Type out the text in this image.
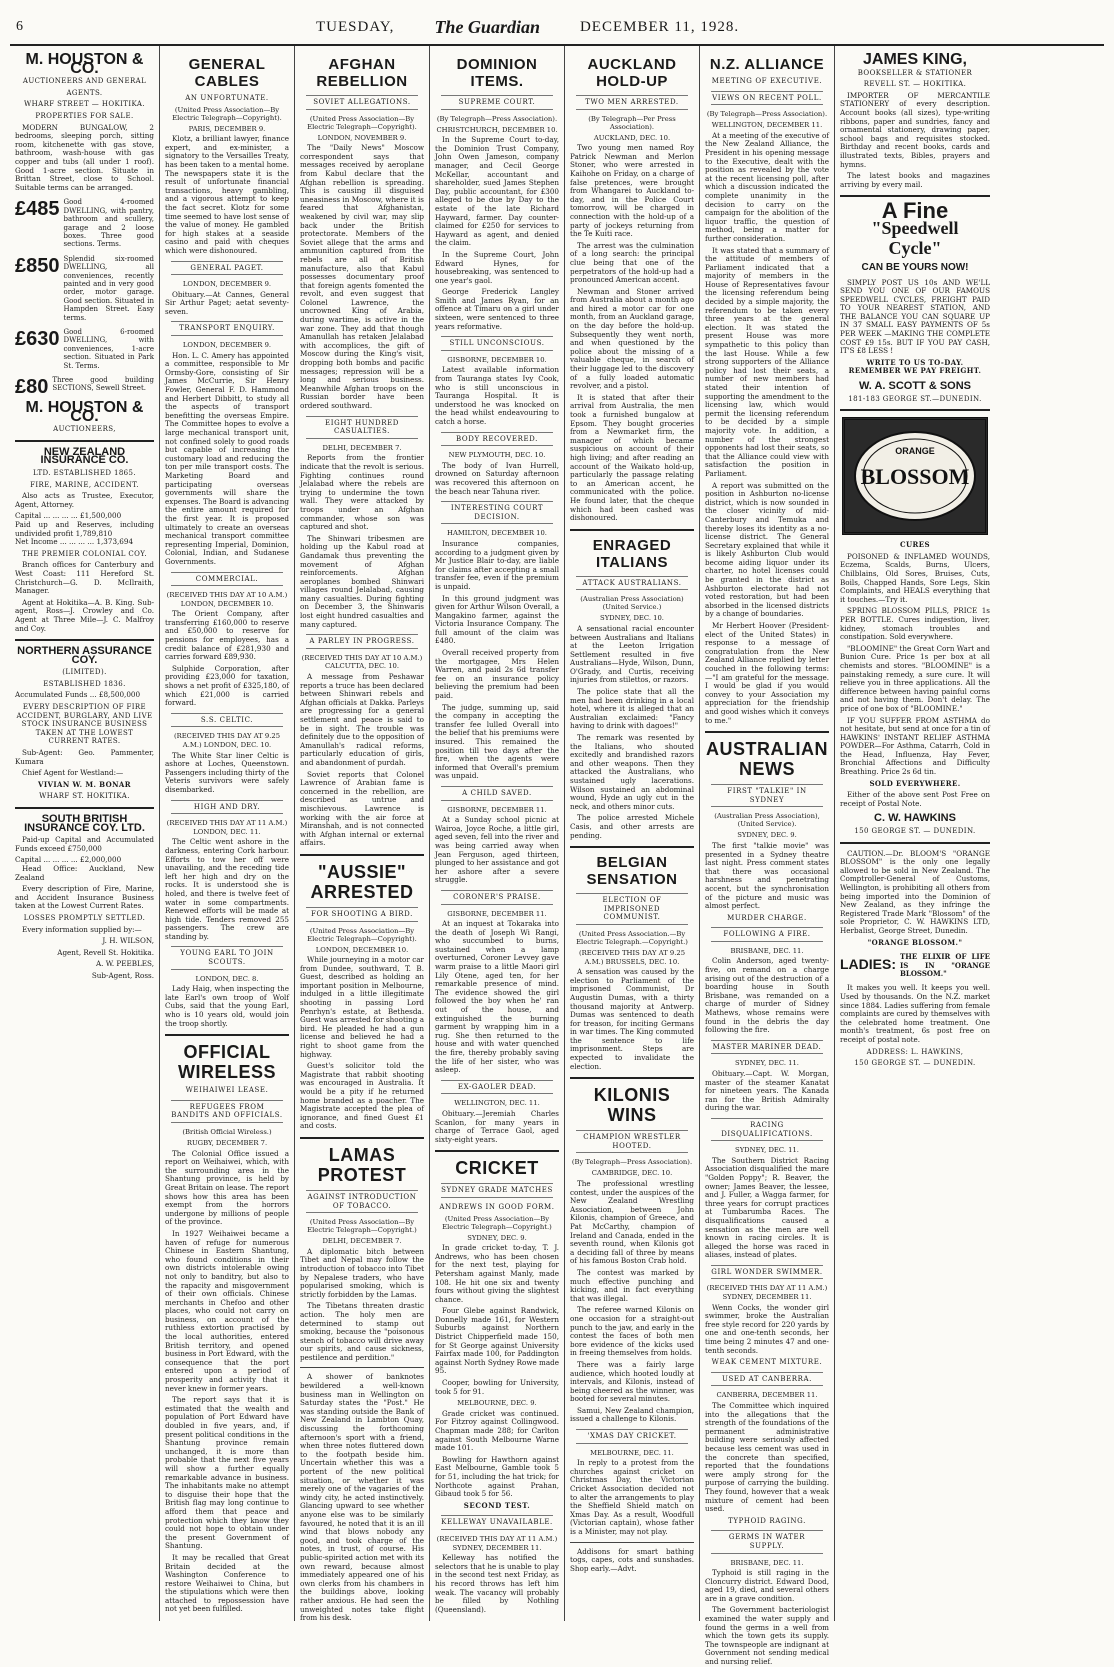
6	TUESDAY, The Guardian	DECEMBER 11, 1928.
M. HOUSTON & CO.
AUCTIONEERS AND GENERAL
AGENTS.
WHARF STREET — HOKITIKA.
PROPERTIES FOR SALE.

MODERN BUNGALOW, 2 bedrooms, sleeping porch, sitting room, kitchenette with gas stove, bathroom, wash-house with gas copper and tubs (all under 1 roof). Good 1-acre section. Situate in Brittan Street, close to School. Suitable terms can be arranged.

£485 Good 4-roomed DWELLING, with pantry, bathroom and scullery, garage and 2 loose boxes. Three good sections. Terms.
£850 Splendid six-roomed DWELLING, all conveniences, recently painted and in very good order, motor garage. Good section. Situated in Hampden Street. Easy terms.
£630 Good 6-roomed DWELLING, with conveniences, 1-acre section. Situated in Park St. Terms.
£80 Three good building SECTIONS, Sewell Street.
M. HOUSTON & CO.
AUCTIONEERS,
NEW ZEALAND INSURANCE CO.
LTD. ESTABLISHED 1865.
FIRE, MARINE, ACCIDENT.

Also acts as Trustee, Executor, Agent, Attorney.

Capital ... ... ... ... £1,500,000
Paid up and Reserves, including undivided profit 1,789,810
Net Income ... ... ... ... 1,373,694
THE PREMIER COLONIAL COY.

Branch offices for Canterbury and West Coast: 111 Hereford St. Christchurch—G. D. McIlraith, Manager.

Agent at Hokitika—A. B. King. Sub-agent, Ross—J. Crowley and Co. Agent at Three Mile—J. C. Malfroy and Coy.

NORTHERN ASSURANCE COY.
(LIMITED).
ESTABLISHED 1836.
Accumulated Funds ... £8,500,000
EVERY DESCRIPTION OF FIRE ACCIDENT, BURGLARY, AND LIVE STOCK INSURANCE BUSINESS TAKEN AT THE LOWEST CURRENT RATES.

Sub-Agent: Geo. Pammenter, Kumara

Chief Agent for Westland:—

VIVIAN W. M. BONAR
WHARF ST. HOKITIKA.
SOUTH BRITISH INSURANCE COY. LTD.

Paid-up Capital and Accumulated Funds exceed £750,000

Capital ... ... ... ... £2,000,000

Head Office: Auckland, New Zealand

Every description of Fire, Marine, and Accident Insurance Business taken at the Lowest Current Rates.

LOSSES PROMPTLY SETTLED.

Every information supplied by:—

J. H. WILSON,
Agent, Revell St. Hokitika.
A. W. PEEBLES,
Sub-Agent, Ross.
GENERAL CABLES
AN UNFORTUNATE.
(United Press Association—By Electric Telegraph—Copyright).
PARIS, DECEMBER 9.

Klotz, a brilliant lawyer, finance expert, and ex-minister, a signatory to the Versailles Treaty, has been taken to a mental home. The newspapers state it is the result of unfortunate financial transactions, heavy gambling, and a vigorous attempt to keep the fact secret. Klotz for some time seemed to have lost sense of the value of money. He gambled for high stakes at a seaside casino and paid with cheques which were dishonoured.

GENERAL PAGET.
LONDON, DECEMBER 9.

Obituary.—At Cannes, General Sir Arthur Paget; aetat seventy-seven.

TRANSPORT ENQUIRY.
LONDON, DECEMBER 9.

Hon. L. C. Amery has appointed a committee, responsible to Mr Ormsby-Gore, consisting of Sir James McCurrie, Sir Henry Fowler, General F. D. Hammond and Herbert Dibbitt, to study all the aspects of transport benefitting the overseas Empire. The Committee hopes to evolve a large mechanical transport unit, not confined solely to good roads but capable of increasing the customary load and reducing the ton per mile transport costs. The Marketing Board and participating overseas governments will share the expenses. The Board is advancing the entire amount required for the first year. It is proposed ultimately to create an overseas mechanical transport committee representing Imperial, Dominion, Colonial, Indian, and Sudanese Governments.

COMMERCIAL.
(RECEIVED THIS DAY AT 10 A.M.) LONDON, DECEMBER 10.

The Orient Company, after transferring £160,000 to reserve and £50,000 to reserve for pensions for employees, has a credit balance of £281,930 and carries forward £89,930.

Sulphide Corporation, after providing £23,000 for taxation, shows a net profit of £325,180, of which £21,000 is carried forward.

S.S. CELTIC.
(RECEIVED THIS DAY AT 9.25 A.M.) LONDON, DEC. 10.

The White Star liner Celtic is ashore at Loches, Queenstown. Passengers including thirty of the Veteris survivors were safely disembarked.

HIGH AND DRY.
(RECEIVED THIS DAY AT 11 A.M.) LONDON, DEC. 11.

The Celtic went ashore in the darkness, entering Cork harbour. Efforts to tow her off were unavailing, and the receding tide left her high and dry on the rocks. It is understood she is holed, and there is twelve feet of water in some compartments. Renewed efforts will be made at high tide. Tenders removed 255 passengers. The crew are standing by.

YOUNG EARL TO JOIN SCOUTS.
LONDON, DEC. 8.

Lady Haig, when inspecting the late Earl's own troop of Wolf Cubs, said that the young Earl, who is 10 years old, would join the troop shortly.

OFFICIAL WIRELESS
WEIHAIWEI LEASE.
REFUGEES FROM BANDITS AND OFFICIALS.
(British Official Wireless.)
RUGBY, DECEMBER 7.

The Colonial Office issued a report on Weihaiwei, which, with the surrounding area in the Shantung province, is held by Great Britain on lease. The report shows how this area has been exempt from the horrors undergone by millions of people of the province.

In 1927 Weihaiwei became a haven of refuge for numerous Chinese in Eastern Shantung, who found conditions in their own districts intolerable owing not only to banditry, but also to the rapacity and misgovernment of their own officials. Chinese merchants in Chefoo and other places, who could not carry on business, on account of the ruthless extortion practised by the local authorities, entered British territory, and opened business in Port Edward, with the consequence that the port entered upon a period of prosperity and activity that it never knew in former years.

The report says that it is estimated that the wealth and population of Port Edward have doubled in five years, and, if present political conditions in the Shantung province remain unchanged, it is more than probable that the next five years will show a further equally remarkable advance in business. The inhabitants make no attempt to disguise their hope that the British flag may long continue to afford them that peace and protection which they know they could not hope to obtain under the present Government of Shantung.

It may be recalled that Great Britain decided at the Washington Conference to restore Weihaiwei to China, but the stipulations which were then attached to repossession have not yet been fulfilled.

AFGHAN REBELLION
SOVIET ALLEGATIONS.
(United Press Association—By Electric Telegraph—Copyright).
LONDON, NOVEMBER 9.

The "Daily News" Moscow correspondent says that messages received by aeroplane from Kabul declare that the Afghan rebellion is spreading. This is causing ill disguised uneasiness in Moscow, where it is feared that Afghanistan, weakened by civil war, may slip back under the British protectorate. Members of the Soviet allege that the arms and ammunition captured from the rebels are all of British manufacture, also that Kabul possesses documentary proof that foreign agents fomented the revolt, and even suggest that Colonel Lawrence, the uncrowned King of Arabia, during wartime, is active in the war zone. They add that though Amanullah has retaken Jelalabad with accomplices, the gift of Moscow during the King's visit, dropping both bombs and pacific messages; repression will be a long and serious business. Meanwhile Afghan troops on the Russian border have been ordered southward.

EIGHT HUNDRED CASUALTIES.
DELHI, DECEMBER 7.

Reports from the frontier indicate that the revolt is serious. Fighting continues round Jelalabad where the rebels are trying to undermine the town wall. They were attacked by troops under an Afghan commander, whose son was captured and shot.

The Shinwari tribesmen are holding up the Kabul road at Gandamak thus preventing the movement of Afghan reinforcements. Afghan aeroplanes bombed Shinwari villages round Jelalabad, causing many casualties. During fighting on December 3, the Shinwaris lost eight hundred casualties and many captured.

A PARLEY IN PROGRESS.
(RECEIVED THIS DAY AT 10 A.M.) CALCUTTA, DEC. 10.

A message from Peshawar reports a truce has been declared between Shinwari rebels and Afghan officials at Dakka. Parleys are progressing for a general settlement and peace is said to be in sight. The trouble was definitely due to the opposition of Amanullah's radical reforms, particularly education of girls, and abandonment of purdah.

Soviet reports that Colonel Lawrence of Arabian fame is concerned in the rebellion, are described as untrue and mischievous. Lawrence is working with the air force at Miranshah, and is not connected with Afghan internal or external affairs.

"AUSSIE" ARRESTED
FOR SHOOTING A BIRD.
(United Press Association—By Electric Telegraph—Copyright).
LONDON, DECEMBER 10.

While journeying in a motor car from Dundee, southward, T. B. Guest, described as holding an important position in Melbourne, indulged in a little illegitimate shooting in passing Lord Penrhyn's estate, at Bethesda. Guest was arrested for shooting a bird. He pleaded he had a gun license and believed he had a right to shoot game from the highway.

Guest's solicitor told the Magistrate that rabbit shooting was encouraged in Australia. It would be a pity if he returned home branded as a poacher. The Magistrate accepted the plea of ignorance, and fined Guest £1 and costs.

LAMAS PROTEST
AGAINST INTRODUCTION OF TOBACCO.
(United Press Association—By Electric Telegraph—Copyright.)
DELHI, DECEMBER 7.

A diplomatic bitch between Tibet and Nepal may follow the introduction of tobacco into Tibet by Nepalese traders, who have popularised smoking, which is strictly forbidden by the Lamas.

The Tibetans threaten drastic action. The holy men are determined to stamp out smoking, because the "poisonous stench of tobacco will drive away our spirits, and cause sickness, pestilence and perdition."

A shower of banknotes bewildered a well-known business man in Wellington on Saturday states the "Post." He was standing outside the Bank of New Zealand in Lambton Quay, discussing the forthcoming afternoon's sport with a friend, when three notes fluttered down to the footpath beside him. Uncertain whether this was a portent of the new political situation, or whether it was merely one of the vagaries of the windy city, he acted instinctively. Glancing upward to see whether anyone else was to be similarly favoured, he noted that it is an ill wind that blows nobody any good, and took charge of the notes, in trust, of course. His public-spirited action met with its own reward, because almost immediately appeared one of his own clerks from his chambers in the buildings above, looking rather anxious. He had seen the unweighted notes take flight from his desk.

DOMINION ITEMS.
SUPREME COURT.
(By Telegraph—Press Association).
CHRISTCHURCH, DECEMBER 10.

In the Supreme Court to-day, the Dominion Trust Company, John Owen Jameson, company manager, and Cecil George McKellar, accountant and shareholder, sued James Stephen Day, public accountant, for £300 alleged to be due by Day to the estate of the late Richard Hayward, farmer. Day counter-claimed for £250 for services to Hayward as agent, and denied the claim.

In the Supreme Court, John Edward Hynes, for housebreaking, was sentenced to one year's gaol.

George Frederick Langley Smith and James Ryan, for an offence at Timaru on a girl under sixteen, were sentenced to three years reformative.

STILL UNCONSCIOUS.
GISBORNE, DECEMBER 10.

Latest available information from Tauranga states Ivy Cook, who is still unconscious in Tauranga Hospital. It is understood he was knocked on the head whilst endeavouring to catch a horse.

BODY RECOVERED.
NEW PLYMOUTH, DEC. 10.

The body of Ivan Hurrell, drowned on Saturday afternoon was recovered this afternoon on the beach near Tahuna river.

INTERESTING COURT DECISION.
HAMILTON, DECEMBER 10.

Insurance companies, according to a judgment given by Mr Justice Blair to-day, are liable for claims after accepting a small transfer fee, even if the premium is unpaid.

In this ground judgment was given for Arthur Wilson Overall, a Mangakino farmer, against the Victoria Insurance Company. The full amount of the claim was £480.

Overall received property from the mortgagee, Mrs Helen Warren, and paid 2s 6d transfer fee on an insurance policy believing the premium had been paid.

The judge, summing up, said the company in accepting the transfer fee lulled Overall into the belief that his premiums were insured. This remained the position till two days after the fire, when the agents were informed that Overall's premium was unpaid.

A CHILD SAVED.
GISBORNE, DECEMBER 11.

At a Sunday school picnic at Wairoa, Joyce Roche, a little girl, aged seven, fell into the river and was being carried away when Jean Ferguson, aged thirteen, plunged to her assistance and got her ashore after a severe struggle.

CORONER'S PRAISE.
GISBORNE, DECEMBER 11.

At an inquest at Tokaraka into the death of Joseph Wi Rangi, who succumbed to burns, sustained when a lamp overturned, Coroner Levvey gave warm praise to a little Maori girl Lily Otene, aged ten, for her remarkable presence of mind. The evidence showed the girl followed the boy when he' ran out of the house, and extinguished the burning garment by wrapping him in a rug. She then returned to the house and with water quenched the fire, thereby probably saving the life of her sister, who was asleep.

EX-GAOLER DEAD.
WELLINGTON, DEC. 11.

Obituary.—Jeremiah Charles Scanlon, for many years in charge of Terrace Gaol, aged sixty-eight years.

CRICKET
SYDNEY GRADE MATCHES
ANDREWS IN GOOD FORM.
(United Press Association—By Electric Telegraph—Copyright.)
SYDNEY, DEC. 9.

In grade cricket to-day, T. J. Andrews, who has been chosen for the next test, playing for Petersham against Manly, made 108. He hit one six and twenty fours without giving the slightest chance.

Four Glebe against Randwick, Donnelly made 161, for Western Suburbs against Northern District Chipperfield made 150, for St George against University Fairfax made 100, for Paddington against North Sydney Rowe made 95.

Cooper, bowling for University, took 5 for 91.

MELBOURNE, DEC. 9.

Grade cricket was continued. For Fitzroy against Collingwood. Chapman made 288; for Carlton against South Melbourne Warne made 101.

Bowling for Hawthorn against East Melbourne, Gamble took 5 for 51, including the hat trick; for Northcote against Prahan, Gibaud took 5 for 56.

SECOND TEST.
KELLEWAY UNAVAILABLE.
(RECEIVED THIS DAY AT 11 A.M.) SYDNEY, DECEMBER 11.

Kelleway has notified the selectors that he is unable to play in the second test next Friday, as his record throws has left him weak. The vacancy will probably be filled by Nothling (Queensland).

AUCKLAND HOLD-UP
TWO MEN ARRESTED.
(By Telegraph—Per Press Association).
AUCKLAND, DEC. 10.

Two young men named Roy Patrick Newman and Merlon Stoner, who were arrested in Kaihohe on Friday, on a charge of false pretences, were brought from Whangarei to Auckland to-day, and in the Police Court tomorrow, will be charged in connection with the hold-up of a party of jockeys returning from the Te Kuiti race.

The arrest was the culmination of a long search: the principal clue being that one of the perpetrators of the hold-up had a pronounced American accent.

Newman and Stoner arrived from Australia about a month ago and hired a motor car for one month, from an Auckland garage, on the day before the hold-up. Subsequently they went north, and when questioned by the police about the missing of a valuable cheque, in search of their luggage led to the discovery of a fully loaded automatic revolver, and a pistol.

It is stated that after their arrival from Australia, the men took a furnished bungalow at Epsom. They bought groceries from a Newmarket firm, the manager of which became suspicious on account of their high living; and after reading an account of the Waikato hold-up, particularly the passage relating to an American accent, he communicated with the police. He found later, that the cheque which had been cashed was dishonoured.

ENRAGED ITALIANS
ATTACK AUSTRALIANS.
(Australian Press Association) (United Service.)
SYDNEY, DEC. 10.

A sensational racial encounter between Australians and Italians at the Leeton Irrigation Settlement resulted in five Australians—Hyde, Wilson, Dunn, O'Grady, and Curtis, receiving injuries from stilettos, or razors.

The police state that all the men had been drinking in a local hotel, where it is alleged that an Australian exclaimed: "Fancy having to drink with dagoes!"

The remark was resented by the Italians, who shouted excitedly and brandished razors and other weapons. Then they attacked the Australians, who sustained ugly lacerations. Wilson sustained an abdominal wound, Hyde an ugly cut in the neck, and others minor cuts.

The police arrested Michele Casis, and other arrests are pending.

BELGIAN SENSATION
ELECTION OF IMPRISONED COMMUNIST.
(United Press Association.—By Electric Telegraph.—Copyright.)
(RECEIVED THIS DAY AT 9.25 A.M.) BRUSSELS, DEC. 10.

A sensation was caused by the election to Parliament of the imprisoned Communist, Dr Augustin Dumas, with a thirty thousand majority at Antwerp. Dumas was sentenced to death for treason, for inciting Germans in war times. The King commuted the sentence to life imprisonment. Steps are expected to invalidate the election.

KILONIS WINS
CHAMPION WRESTLER HOOTED.
(By Telegraph—Press Association).
CAMBRIDGE, DEC. 10.

The professional wrestling contest, under the auspices of the New Zealand Wrestling Association, between John Kilonis, champion of Greece, and Pat McCarthy, champion of Ireland and Canada, ended in the seventh round, when Kilonis got a deciding fall of three by means of his famous Boston Crab hold.

The contest was marked by much effective punching and kicking, and in fact everything that was illegal.

The referee warned Kilonis on one occasion for a straight-out punch to the jaw, and early in the contest the faces of both men bore evidence of the kicks used in freeing themselves from holds.

There was a fairly large audience, which hooted loudly at intervals, and Kilonis, instead of being cheered as the winner, was booted for several minutes.

Samui, New Zealand champion, issued a challenge to Kilonis.

'XMAS DAY CRICKET.
MELBOURNE, DEC. 11.

In reply to a protest from the churches against cricket on Christmas Day, the Victorian Cricket Association decided not to alter the arrangements to play the Sheffield Shield match on Xmas Day. As a result, Woodfull (Victorian captain), whose father is a Minister, may not play.

Addisons for smart bathing togs, capes, cots and sunshades. Shop early.—Advt.

N.Z. ALLIANCE
MEETING OF EXECUTIVE.
VIEWS ON RECENT POLL.
(By Telegraph—Press Association).
WELLINGTON, DECEMBER 11.

At a meeting of the executive of the New Zealand Alliance, the President in his opening message to the Executive, dealt with the position as revealed by the vote at the recent licensing poll, after which a discussion indicated the complete unanimity in the decision to carry on the campaign for the abolition of the liquor traffic, the question of method, being a matter for further consideration.

It was stated that a summary of the attitude of members of Parliament indicated that a majority of members in the House of Representatives favour the licensing referendum being decided by a simple majority, the referendum to be taken every three years at the general election. It was stated the present House was more sympathetic to this policy than the last House. While a few strong supporters of the Alliance policy had lost their seats, a number of new members had stated their intention of supporting the amendment to the licensing law, which would permit the licensing referendum to be decided by a simple majority vote. In addition, a number of the strongest opponents had lost their seats, so that the Alliance could view with satisfaction the position in Parliament.

A report was submitted on the position in Ashburton no-license district, which is now sounded in the closer vicinity of mid-Canterbury and Temuka and thereby loses its identity as a no-license district. The General Secretary explained that while it is likely Ashburton Club would become aiding liquor under its charter, no hotel licenses could be granted in the district as Ashburton electorate had not voted restoration, but had been absorbed in the licensed districts by a change of boundaries.

Mr Herbert Hoover (President-elect of the United States) in response to a message of congratulation from the New Zealand Alliance replied by letter couched in the following terms:—"I am grateful for the message. I would be glad if you would convey to your Association my appreciation for the friendship and good wishes which it conveys to me."

AUSTRALIAN NEWS
FIRST "TALKIE" IN SYDNEY
(Australian Press Association), (United Service).
SYDNEY, DEC. 9.

The first "talkie movie" was presented in a Sydney theatre last night. Press comment states that there was occasional harshness and penetrating accent, but the synchronisation of the picture and music was almost perfect.

MURDER CHARGE.
FOLLOWING A FIRE.
BRISBANE, DEC. 11.

Colin Anderson, aged twenty-five, on remand on a charge arising out of the destruction of a boarding house in South Brisbane, was remanded on a charge of murder of Sidney Mathews, whose remains were found in the debris the day following the fire.

MASTER MARINER DEAD.
SYDNEY, DEC. 11.

Obituary.—Capt. W. Morgan, master of the steamer Kanatat for nineteen years. The Kanada ran for the British Admiralty during the war.

RACING DISQUALIFICATIONS.
SYDNEY, DEC. 11.

The Southern District Racing Association disqualified the mare "Golden Poppy"; R. Beaver, the owner; James Beaver, the lessee, and J. Fuller, a Wagga farmer, for three years for corrupt practices at Tumbarumba Races. The disqualifications caused a sensation as the men are well known in racing circles. It is alleged the horse was raced in aliases, instead of plates.

GIRL WONDER SWIMMER.
(RECEIVED THIS DAY AT 11 A.M.) SYDNEY, DECEMBER 11.

Wenn Cocks, the wonder girl swimmer, broke the Australian free style record for 220 yards by one and one-tenth seconds, her time being 2 minutes 47 and one-tenth seconds.

WEAK CEMENT MIXTURE.
USED AT CANBERRA.
CANBERRA, DECEMBER 11.

The Committee which inquired into the allegations that the strength of the foundations of the permanent administrative building were seriously affected because less cement was used in the concrete than specified, reported that the foundations were amply strong for the purpose of carrying the building. They found, however that a weak mixture of cement had been used.

TYPHOID RAGING.
GERMS IN WATER SUPPLY.
BRISBANE, DEC. 11.

Typhoid is still raging in the Cloncurry district. Edward Dood, aged 19, died, and several others are in a grave condition.

The Government bacteriologist examined the water supply and found the germs in a well from which the town gets its supply. The townspeople are indignant at Government not sending medical and nursing relief.

JAMES KING,
BOOKSELLER & STATIONER
REVELL ST. — HOKITIKA.

IMPORTER OF MERCANTILE STATIONERY of every description. Account books (all sizes), type-writing ribbons, paper and sundries, fancy and ornamental stationery, drawing paper, school bags and requisites stocked. Birthday and recent books, cards and illustrated texts, Bibles, prayers and hymns.

The latest books and magazines arriving by every mail.

A Fine
"Speedwell
Cycle"
CAN BE YOURS NOW!

SIMPLY POST US 10s AND WE'LL SEND YOU ONE OF OUR FAMOUS SPEEDWELL CYCLES, FREIGHT PAID TO YOUR NEAREST STATION, AND THE BALANCE YOU CAN SQUARE UP IN 37 SMALL EASY PAYMENTS OF 5s PER WEEK —MAKING THE COMPLETE COST £9 15s. BUT IF YOU PAY CASH, IT'S £8 LESS !

WRITE TO US TO-DAY. REMEMBER WE PAY FREIGHT.
W. A. SCOTT & SONS
181-183 GEORGE ST.—DUNEDIN.
ORANGE
BLOSSOM
CURES

POISONED & INFLAMED WOUNDS, Eczema, Scalds, Burns, Ulcers, Chilblains, Old Sores, Bruises, Cuts, Boils, Chapped Hands, Sore Legs, Skin Complaints, and HEALS everything that it touches.—Try it.

SPRING BLOSSOM PILLS, PRICE 1s PER BOTTLE. Cures indigestion, liver, kidney, stomach troubles and constipation. Sold everywhere.

"BLOOMINE" the Great Corn Wart and Bunion Cure. Price 1s per box at all chemists and stores. "BLOOMINE" is a painstaking remedy, a sure cure. It will relieve you in three applications. All the difference between having painful corns and not having them. Don't delay. The price of one box of "BLOOMINE."

IF YOU SUFFER FROM ASTHMA do not hesitate, but send at once for a tin of HAWKINS' INSTANT RELIEF ASTHMA POWDER—For Asthma, Catarrh, Cold in the Head, Influenza, Hay Fever, Bronchial Affections and Difficulty Breathing. Price 2s 6d tin.

SOLD EVERYWHERE.

Either of the above sent Post Free on receipt of Postal Note.

C. W. HAWKINS
150 GEORGE ST. — DUNEDIN.

CAUTION.—Dr. BLOOM'S "ORANGE BLOSSOM" is the only one legally allowed to be sold in New Zealand. The Comptroller-General of Customs, Wellington, is prohibiting all others from being imported into the Dominion of New Zealand, as they infringe the Registered Trade Mark "Blossom" of the sole Proprietor, C. W. HAWKINS LTD, Herbalist, George Street, Dunedin.

"ORANGE BLOSSOM."
LADIES: THE ELIXIR OF LIFE IS IN "ORANGE BLOSSOM."

It makes you well. It keeps you well. Used by thousands. On the N.Z. market since 1884. Ladies suffering from female complaints are cured by themselves with the celebrated home treatment. One month's treatment, 6s post free on receipt of postal note.

ADDRESS: L. HAWKINS,
150 GEORGE ST. — DUNEDIN.
